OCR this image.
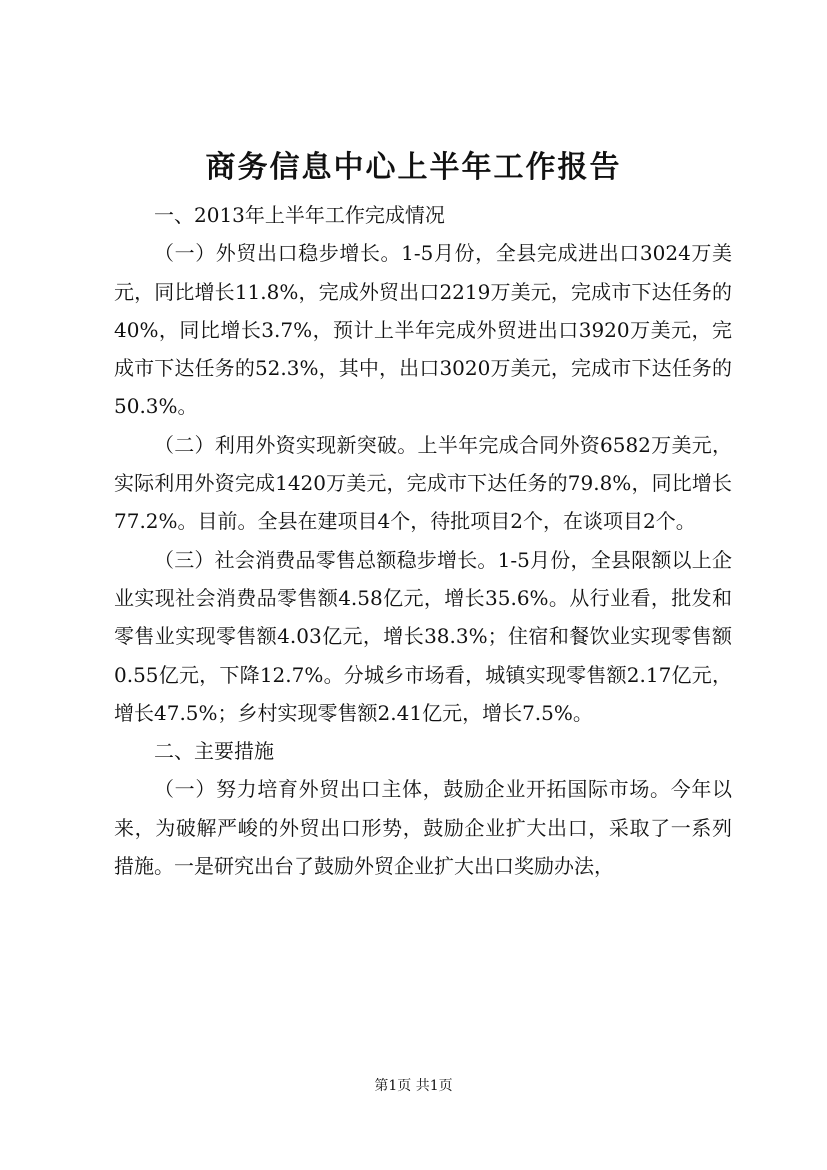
商务信息中心上半年工作报告

一、2013年上半年工作完成情况

（一）外贸出口稳步增长。1-5月份，全县完成进出口3024万美元，同比增长11.8%，完成外贸出口2219万美元，完成市下达任务的40%，同比增长3.7%，预计上半年完成外贸进出口3920万美元，完成市下达任务的52.3%，其中，出口3020万美元，完成市下达任务的50.3%。

（二）利用外资实现新突破。上半年完成合同外资6582万美元，实际利用外资完成1420万美元，完成市下达任务的79.8%，同比增长77.2%。目前。全县在建项目4个，待批项目2个，在谈项目2个。

（三）社会消费品零售总额稳步增长。1-5月份，全县限额以上企业实现社会消费品零售额4.58亿元，增长35.6%。从行业看，批发和零售业实现零售额4.03亿元，增长38.3%；住宿和餐饮业实现零售额0.55亿元，下降12.7%。分城乡市场看，城镇实现零售额2.17亿元，增长47.5%；乡村实现零售额2.41亿元，增长7.5%。

二、主要措施

（一）努力培育外贸出口主体，鼓励企业开拓国际市场。今年以来，为破解严峻的外贸出口形势，鼓励企业扩大出口，采取了一系列措施。一是研究出台了鼓励外贸企业扩大出口奖励办法，

第1页 共1页
